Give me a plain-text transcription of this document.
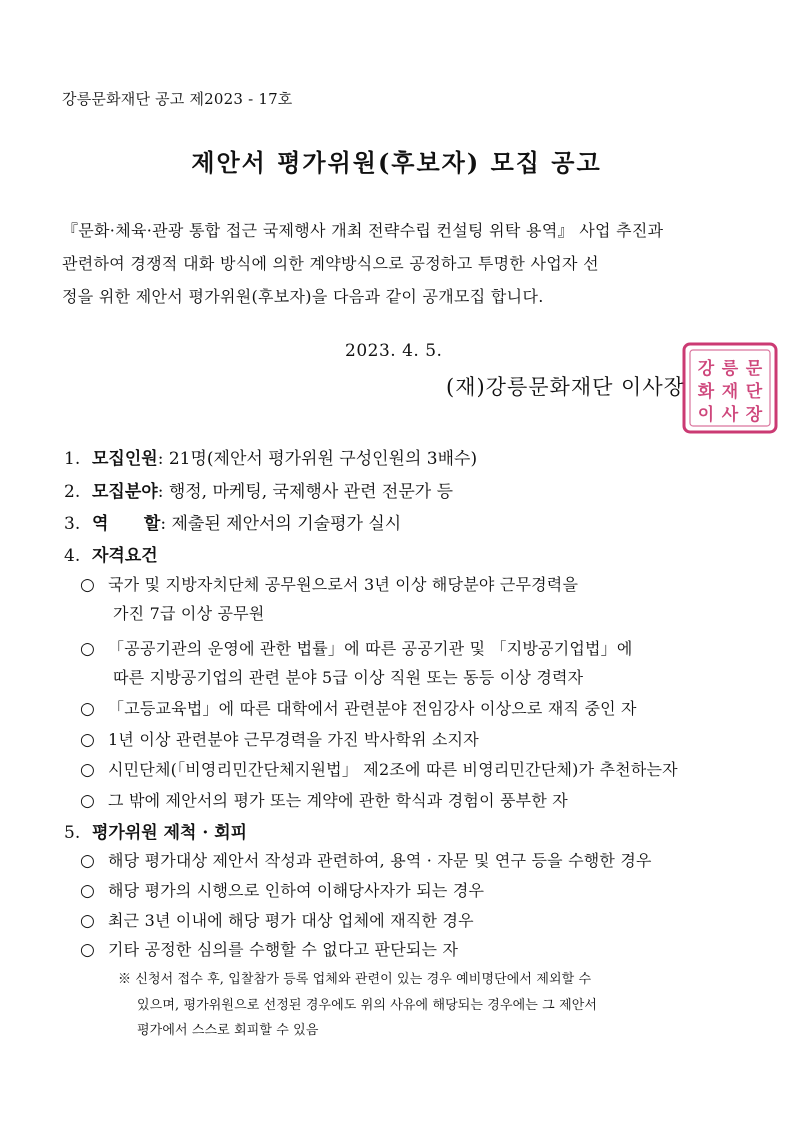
강릉문화재단 공고 제2023 - 17호
제안서 평가위원(후보자) 모집 공고

『문화·체육·관광 통합 접근 국제행사 개최 전략수립 컨설팅 위탁 용역』 사업 추진과

관련하여 경쟁적 대화 방식에 의한 계약방식으로 공정하고 투명한 사업자 선

정을 위한 제안서 평가위원(후보자)을 다음과 같이 공개모집 합니다.

2023. 4. 5.
(재)강릉문화재단 이사장
강 릉 문
화 재 단
이 사 장
1. 모집인원: 21명(제안서 평가위원 구성인원의 3배수)
2. 모집분야: 행정, 마케팅, 국제행사 관련 전문가 등
3. 역      할: 제출된 제안서의 기술평가 실시
4. 자격요건
○ 국가 및 지방자치단체 공무원으로서 3년 이상 해당분야 근무경력을
가진 7급 이상 공무원
○ 「공공기관의 운영에 관한 법률」에 따른 공공기관 및 「지방공기업법」에
따른 지방공기업의 관련 분야 5급 이상 직원 또는 동등 이상 경력자
○ 「고등교육법」에 따른 대학에서 관련분야 전임강사 이상으로 재직 중인 자
○ 1년 이상 관련분야 근무경력을 가진 박사학위 소지자
○ 시민단체(「비영리민간단체지원법」 제2조에 따른 비영리민간단체)가 추천하는자
○ 그 밖에 제안서의 평가 또는 계약에 관한 학식과 경험이 풍부한 자
5. 평가위원 제척 · 회피
○ 해당 평가대상 제안서 작성과 관련하여, 용역 · 자문 및 연구 등을 수행한 경우
○ 해당 평가의 시행으로 인하여 이해당사자가 되는 경우
○ 최근 3년 이내에 해당 평가 대상 업체에 재직한 경우
○ 기타 공정한 심의를 수행할 수 없다고 판단되는 자
※ 신청서 접수 후, 입찰참가 등록 업체와 관련이 있는 경우 예비명단에서 제외할 수
있으며, 평가위원으로 선정된 경우에도 위의 사유에 해당되는 경우에는 그 제안서
평가에서 스스로 회피할 수 있음
